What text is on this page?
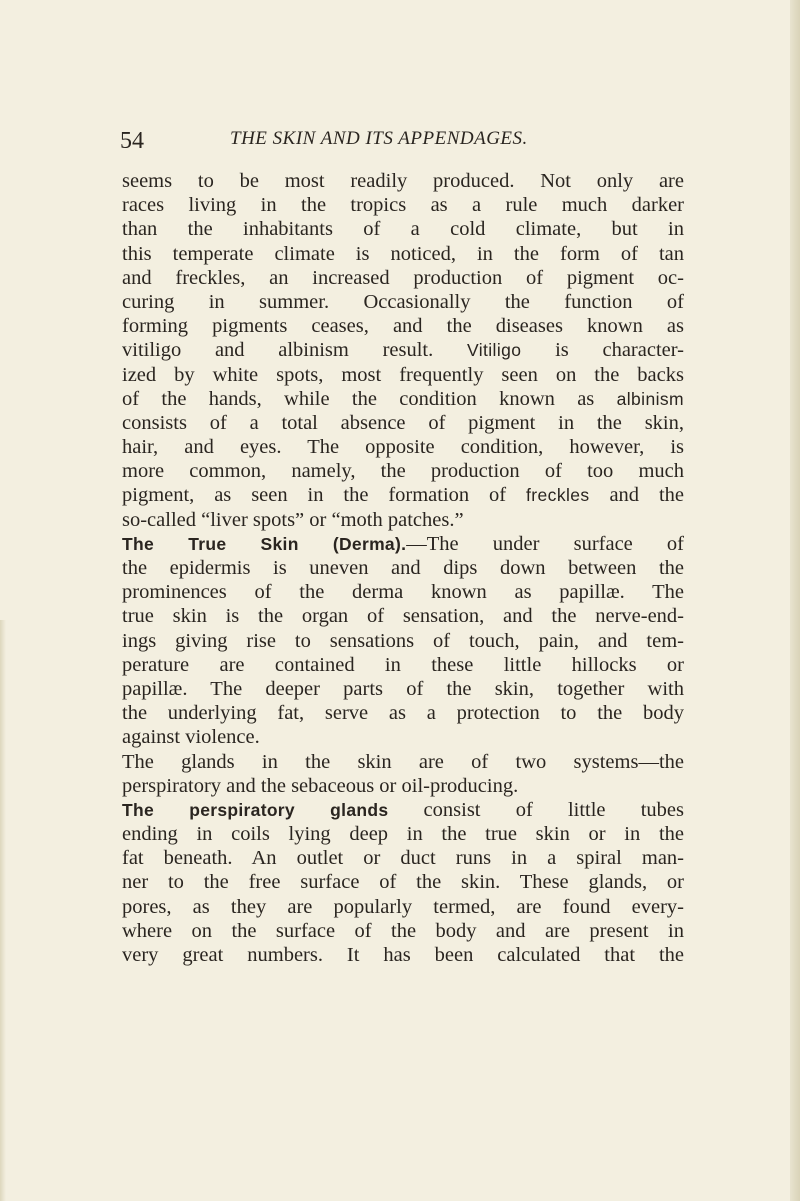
54	THE SKIN AND ITS APPENDAGES.
seems to be most readily produced. Not only are
races living in the tropics as a rule much darker
than the inhabitants of a cold climate, but in
this temperate climate is noticed, in the form of tan
and freckles, an increased production of pigment oc-
curing in summer. Occasionally the function of
forming pigments ceases, and the diseases known as
vitiligo and albinism result. Vitiligo is character-
ized by white spots, most frequently seen on the backs
of the hands, while the condition known as albinism
consists of a total absence of pigment in the skin,
hair, and eyes. The opposite condition, however, is
more common, namely, the production of too much
pigment, as seen in the formation of freckles and the
so-called “liver spots” or “moth patches.”
The True Skin (Derma).—The under surface of
the epidermis is uneven and dips down between the
prominences of the derma known as papillæ. The
true skin is the organ of sensation, and the nerve-end-
ings giving rise to sensations of touch, pain, and tem-
perature are contained in these little hillocks or
papillæ. The deeper parts of the skin, together with
the underlying fat, serve as a protection to the body
against violence.
The glands in the skin are of two systems—the
perspiratory and the sebaceous or oil-producing.
The perspiratory glands consist of little tubes
ending in coils lying deep in the true skin or in the
fat beneath. An outlet or duct runs in a spiral man-
ner to the free surface of the skin. These glands, or
pores, as they are popularly termed, are found every-
where on the surface of the body and are present in
very great numbers. It has been calculated that the
